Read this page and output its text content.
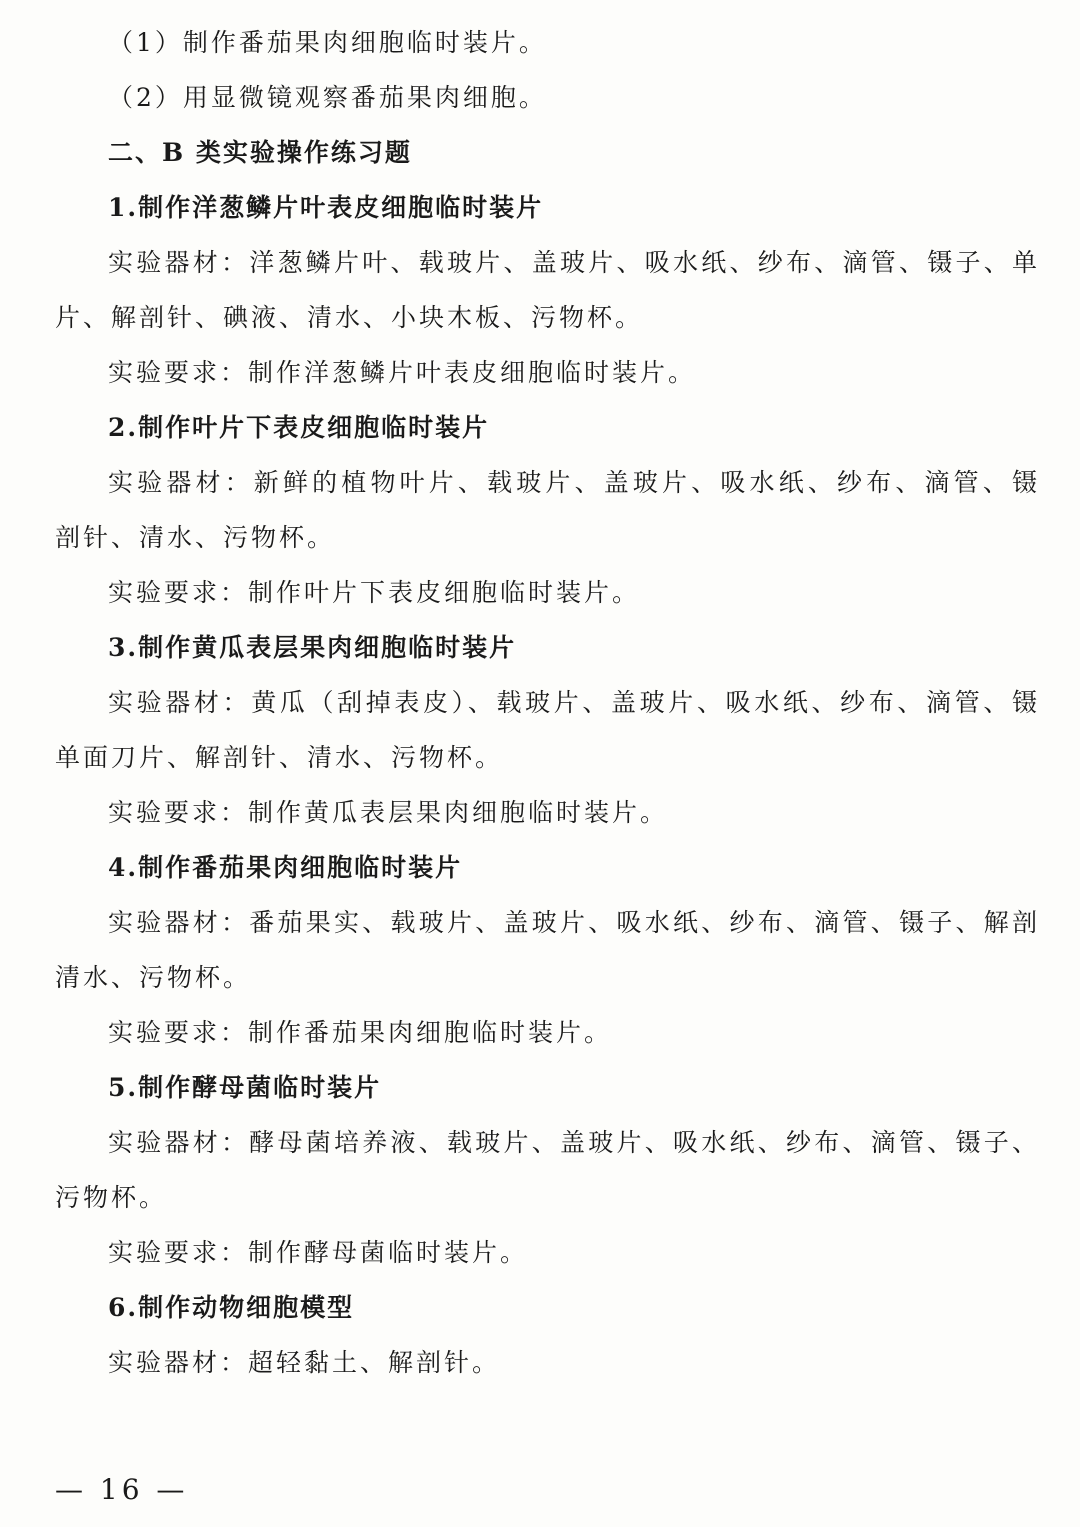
（1）制作番茄果肉细胞临时装片。
（2）用显微镜观察番茄果肉细胞。
二、B 类实验操作练习题
1.制作洋葱鳞片叶表皮细胞临时装片
实验器材：洋葱鳞片叶、载玻片、盖玻片、吸水纸、纱布、滴管、镊子、单
片、解剖针、碘液、清水、小块木板、污物杯。
实验要求：制作洋葱鳞片叶表皮细胞临时装片。
2.制作叶片下表皮细胞临时装片
实验器材：新鲜的植物叶片、载玻片、盖玻片、吸水纸、纱布、滴管、镊
剖针、清水、污物杯。
实验要求：制作叶片下表皮细胞临时装片。
3.制作黄瓜表层果肉细胞临时装片
实验器材：黄瓜（刮掉表皮）、载玻片、盖玻片、吸水纸、纱布、滴管、镊
单面刀片、解剖针、清水、污物杯。
实验要求：制作黄瓜表层果肉细胞临时装片。
4.制作番茄果肉细胞临时装片
实验器材：番茄果实、载玻片、盖玻片、吸水纸、纱布、滴管、镊子、解剖
清水、污物杯。
实验要求：制作番茄果肉细胞临时装片。
5.制作酵母菌临时装片
实验器材：酵母菌培养液、载玻片、盖玻片、吸水纸、纱布、滴管、镊子、
污物杯。
实验要求：制作酵母菌临时装片。
6.制作动物细胞模型
实验器材：超轻黏土、解剖针。
— 16 —
